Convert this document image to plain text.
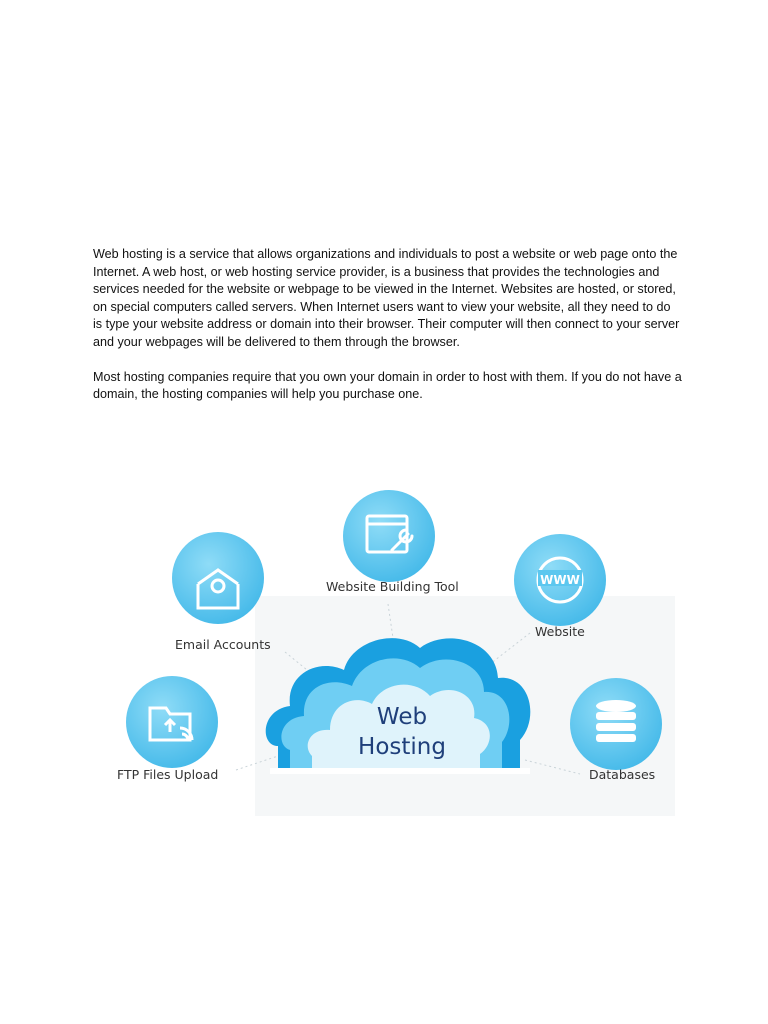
Web hosting is a service that allows organizations and individuals to post a website or web page onto the Internet. A web host, or web hosting service provider, is a business that provides the technologies and services needed for the website or webpage to be viewed in the Internet. Websites are hosted, or stored, on special computers called servers. When Internet users want to view your website, all they need to do is type your website address or domain into their browser. Their computer will then connect to your server and your webpages will be delivered to them through the browser.

Most hosting companies require that you own your domain in order to host with them. If you do not have a domain, the hosting companies will help you purchase one.

WWW
Web
Hosting
Website Building Tool
Email Accounts
Website
FTP Files Upload	Databases
